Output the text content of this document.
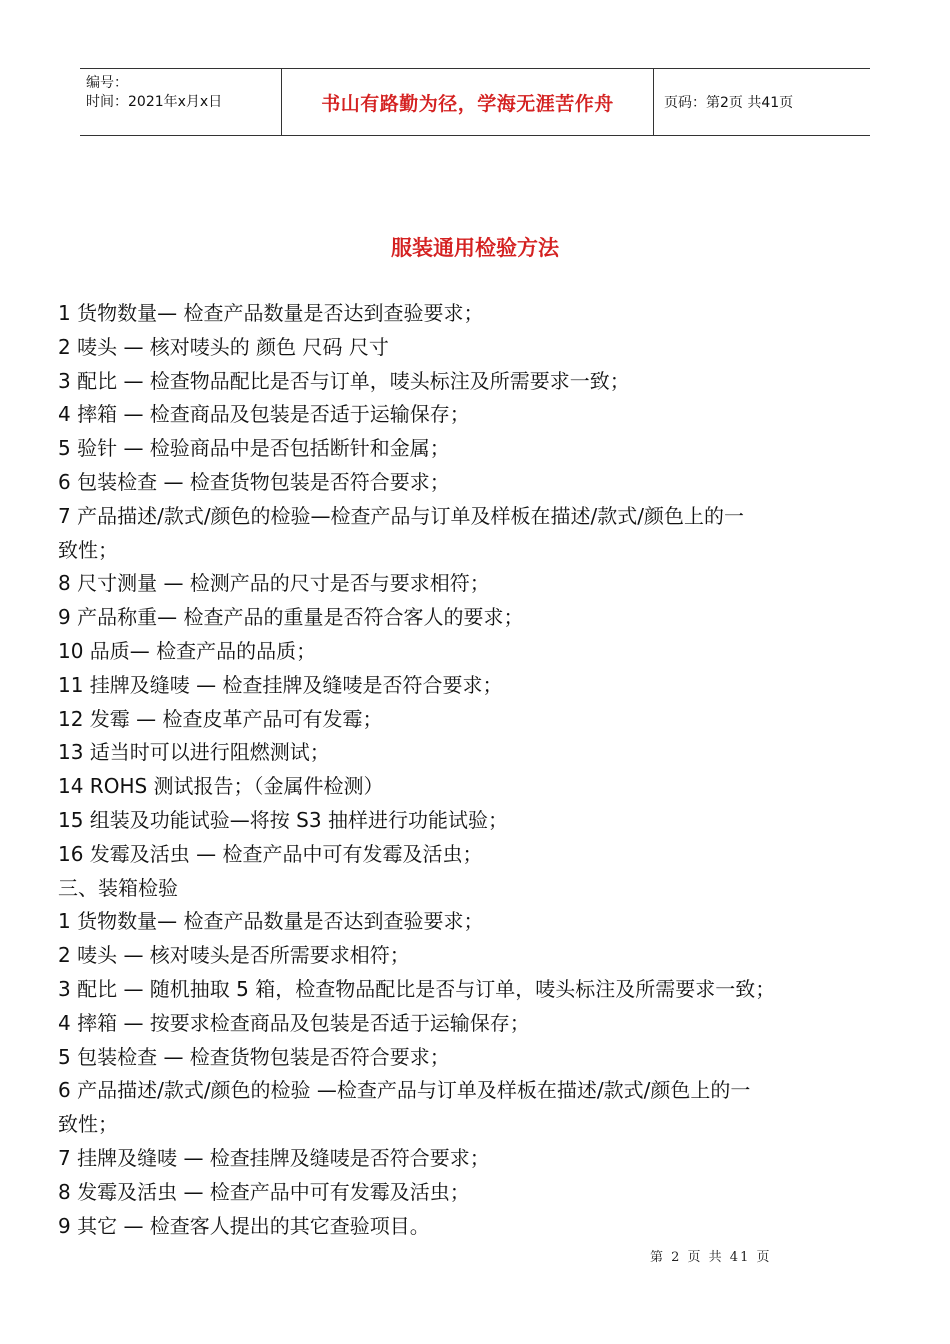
编号：
时间：2021年x月x日	书山有路勤为径，学海无涯苦作舟	页码：第2页 共41页
服装通用检验方法
1 货物数量— 检查产品数量是否达到查验要求；
2 唛头 — 核对唛头的 颜色 尺码 尺寸
3 配比 — 检查物品配比是否与订单，唛头标注及所需要求一致；
4 摔箱 — 检查商品及包装是否适于运输保存；
5 验针 — 检验商品中是否包括断针和金属；
6 包装检查 — 检查货物包装是否符合要求；
7 产品描述/款式/颜色的检验—检查产品与订单及样板在描述/款式/颜色上的一
致性；
8 尺寸测量 — 检测产品的尺寸是否与要求相符；
9 产品称重— 检查产品的重量是否符合客人的要求；
10 品质— 检查产品的品质；
11 挂牌及缝唛 — 检查挂牌及缝唛是否符合要求；
12 发霉 — 检查皮革产品可有发霉；
13 适当时可以进行阻燃测试；
14 ROHS 测试报告；（金属件检测）
15 组装及功能试验—将按 S3 抽样进行功能试验；
16 发霉及活虫 — 检查产品中可有发霉及活虫；
三、装箱检验
1 货物数量— 检查产品数量是否达到查验要求；
2 唛头 — 核对唛头是否所需要求相符；
3 配比 — 随机抽取 5 箱，检查物品配比是否与订单，唛头标注及所需要求一致；
4 摔箱 — 按要求检查商品及包装是否适于运输保存；
5 包装检查 — 检查货物包装是否符合要求；
6 产品描述/款式/颜色的检验 —检查产品与订单及样板在描述/款式/颜色上的一
致性；
7 挂牌及缝唛 — 检查挂牌及缝唛是否符合要求；
8 发霉及活虫 — 检查产品中可有发霉及活虫；
9 其它 — 检查客人提出的其它查验项目。
第 2 页 共 41 页
